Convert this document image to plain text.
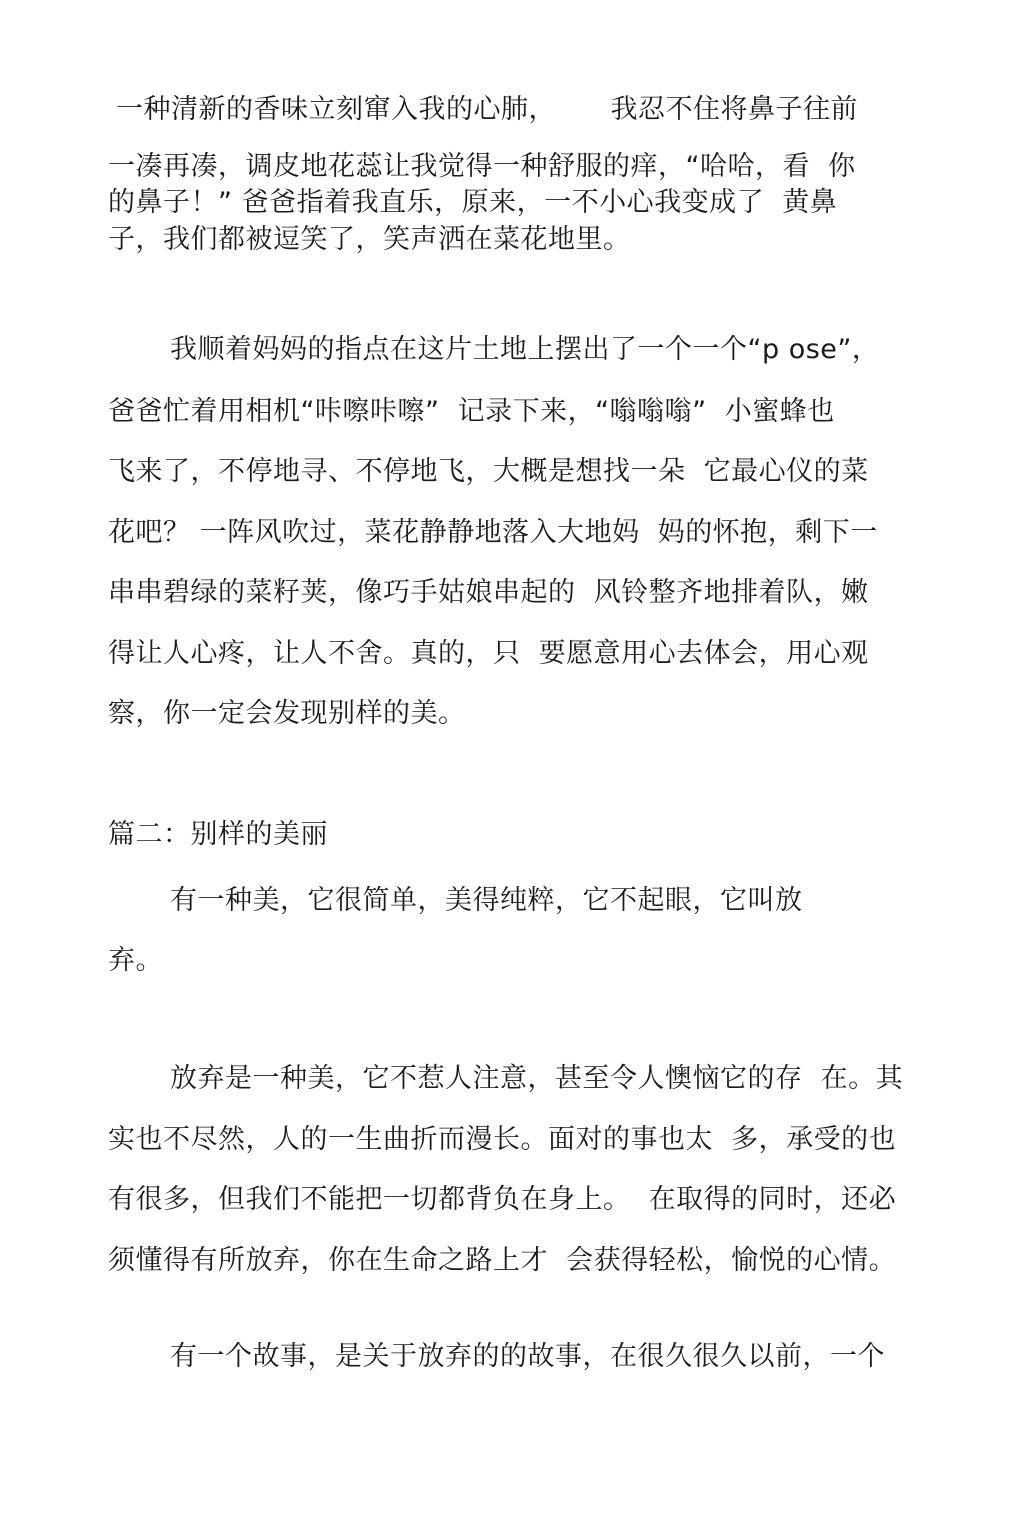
一种清新的香味立刻窜入我的心肺，      我忍不住将鼻子往前
一凑再凑，调皮地花蕊让我觉得一种舒服的痒，“哈哈，看  你
的鼻子！” 爸爸指着我直乐，原来，一不小心我变成了  黄鼻
子，我们都被逗笑了，笑声洒在菜花地里。
我顺着妈妈的指点在这片土地上摆出了一个一个“p ose”，
爸爸忙着用相机“咔嚓咔嚓”  记录下来，“嗡嗡嗡”  小蜜蜂也
飞来了，不停地寻、不停地飞，大概是想找一朵  它最心仪的菜
花吧？ 一阵风吹过，菜花静静地落入大地妈  妈的怀抱，剩下一
串串碧绿的菜籽荚，像巧手姑娘串起的  风铃整齐地排着队，嫩
得让人心疼，让人不舍。真的，只  要愿意用心去体会，用心观
察，你一定会发现别样的美。
篇二：别样的美丽
有一种美，它很简单，美得纯粹，它不起眼，它叫放
弃。
放弃是一种美，它不惹人注意，甚至令人懊恼它的存  在。其
实也不尽然，人的一生曲折而漫长。面对的事也太  多，承受的也
有很多，但我们不能把一切都背负在身上。  在取得的同时，还必
须懂得有所放弃，你在生命之路上才  会获得轻松，愉悦的心情。
有一个故事，是关于放弃的的故事，在很久很久以前，一个
